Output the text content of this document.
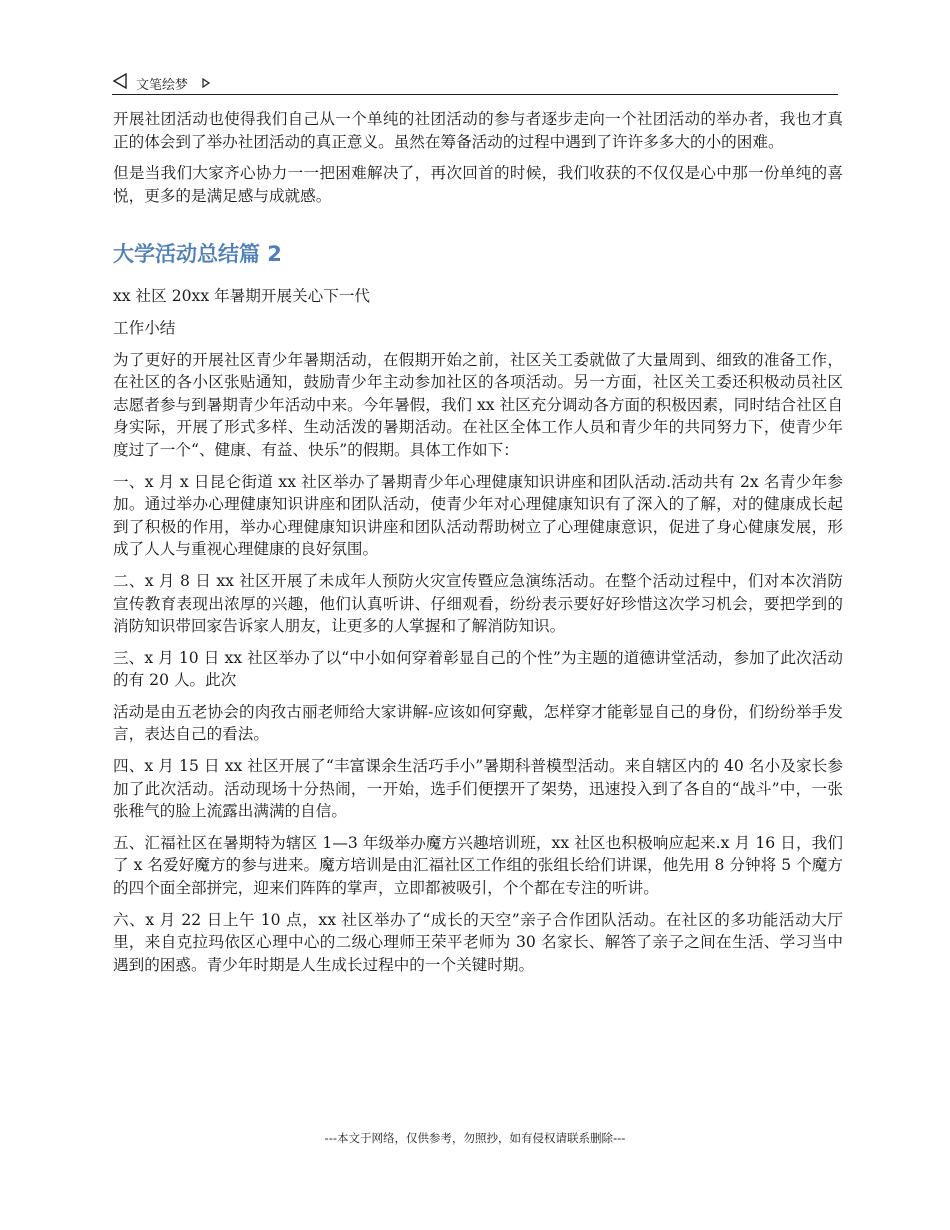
文笔绘梦

开展社团活动也使得我们自己从一个单纯的社团活动的参与者逐步走向一个社团活动的举办者，我也才真正的体会到了举办社团活动的真正意义。虽然在筹备活动的过程中遇到了许许多多大的小的困难。

但是当我们大家齐心协力一一把困难解决了，再次回首的时候，我们收获的不仅仅是心中那一份单纯的喜悦，更多的是满足感与成就感。

大学活动总结篇 2

xx 社区 20xx 年暑期开展关心下一代

工作小结

为了更好的开展社区青少年暑期活动，在假期开始之前，社区关工委就做了大量周到、细致的准备工作，在社区的各小区张贴通知，鼓励青少年主动参加社区的各项活动。另一方面，社区关工委还积极动员社区志愿者参与到暑期青少年活动中来。今年暑假，我们 xx 社区充分调动各方面的积极因素，同时结合社区自身实际，开展了形式多样、生动活泼的暑期活动。在社区全体工作人员和青少年的共同努力下，使青少年度过了一个“、健康、有益、快乐”的假期。具体工作如下：

一、x 月 x 日昆仑街道 xx 社区举办了暑期青少年心理健康知识讲座和团队活动.活动共有 2x 名青少年参加。通过举办心理健康知识讲座和团队活动，使青少年对心理健康知识有了深入的了解，对的健康成长起到了积极的作用，举办心理健康知识讲座和团队活动帮助树立了心理健康意识，促进了身心健康发展，形成了人人与重视心理健康的良好氛围。

二、x 月 8 日 xx 社区开展了未成年人预防火灾宣传暨应急演练活动。在整个活动过程中，们对本次消防宣传教育表现出浓厚的兴趣，他们认真听讲、仔细观看，纷纷表示要好好珍惜这次学习机会，要把学到的消防知识带回家告诉家人朋友，让更多的人掌握和了解消防知识。

三、x 月 10 日 xx 社区举办了以“中小如何穿着彰显自己的个性”为主题的道德讲堂活动，参加了此次活动的有 20 人。此次

活动是由五老协会的肉孜古丽老师给大家讲解-应该如何穿戴，怎样穿才能彰显自己的身份，们纷纷举手发言，表达自己的看法。

四、x 月 15 日 xx 社区开展了“丰富课余生活巧手小”暑期科普模型活动。来自辖区内的 40 名小及家长参加了此次活动。活动现场十分热闹，一开始，选手们便摆开了架势，迅速投入到了各自的“战斗”中，一张张稚气的脸上流露出满满的自信。

五、汇福社区在暑期特为辖区 1—3 年级举办魔方兴趣培训班，xx 社区也积极响应起来.x 月 16 日，我们了 x 名爱好魔方的参与进来。魔方培训是由汇福社区工作组的张组长给们讲课，他先用 8 分钟将 5 个魔方的四个面全部拼完，迎来们阵阵的掌声，立即都被吸引，个个都在专注的听讲。

六、x 月 22 日上午 10 点，xx 社区举办了“成长的天空”亲子合作团队活动。在社区的多功能活动大厅里，来自克拉玛依区心理中心的二级心理师王荣平老师为 30 名家长、解答了亲子之间在生活、学习当中遇到的困惑。青少年时期是人生成长过程中的一个关键时期。

---本文于网络，仅供参考，勿照抄，如有侵权请联系删除---
